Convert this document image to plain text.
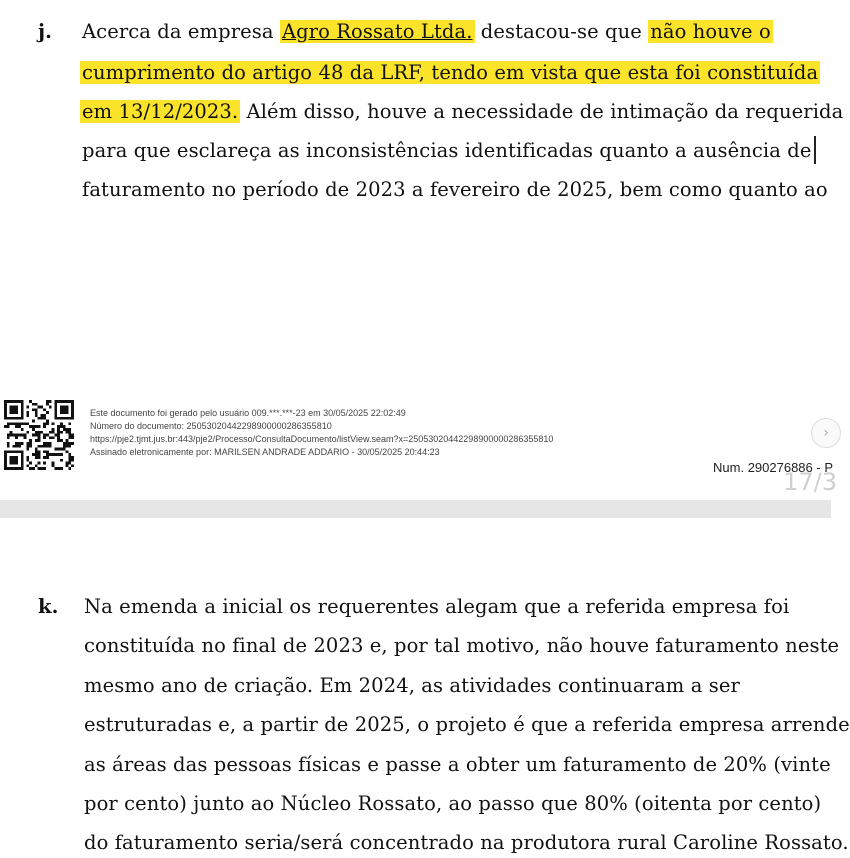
j. Acerca da empresa Agro Rossato Ltda. destacou-se que não houve o
cumprimento do artigo 48 da LRF, tendo em vista que esta foi constituída
em 13/12/2023. Além disso, houve a necessidade de intimação da requerida
para que esclareça as inconsistências identificadas quanto a ausência de
faturamento no período de 2023 a fevereiro de 2025, bem como quanto ao
Este documento foi gerado pelo usuário 009.***.***-23 em 30/05/2025 22:02:49
Número do documento: 25053020442298900000286355810
https://pje2.tjmt.jus.br:443/pje2/Processo/ConsultaDocumento/listView.seam?x=25053020442298900000286355810
Assinado eletronicamente por: MARILSEN ANDRADE ADDARIO - 30/05/2025 20:44:23
Num. 290276886 - P
17/3
›
k. Na emenda a inicial os requerentes alegam que a referida empresa foi
constituída no final de 2023 e, por tal motivo, não houve faturamento neste
mesmo ano de criação. Em 2024, as atividades continuaram a ser
estruturadas e, a partir de 2025, o projeto é que a referida empresa arrende
as áreas das pessoas físicas e passe a obter um faturamento de 20% (vinte
por cento) junto ao Núcleo Rossato, ao passo que 80% (oitenta por cento)
do faturamento seria/será concentrado na produtora rural Caroline Rossato.
